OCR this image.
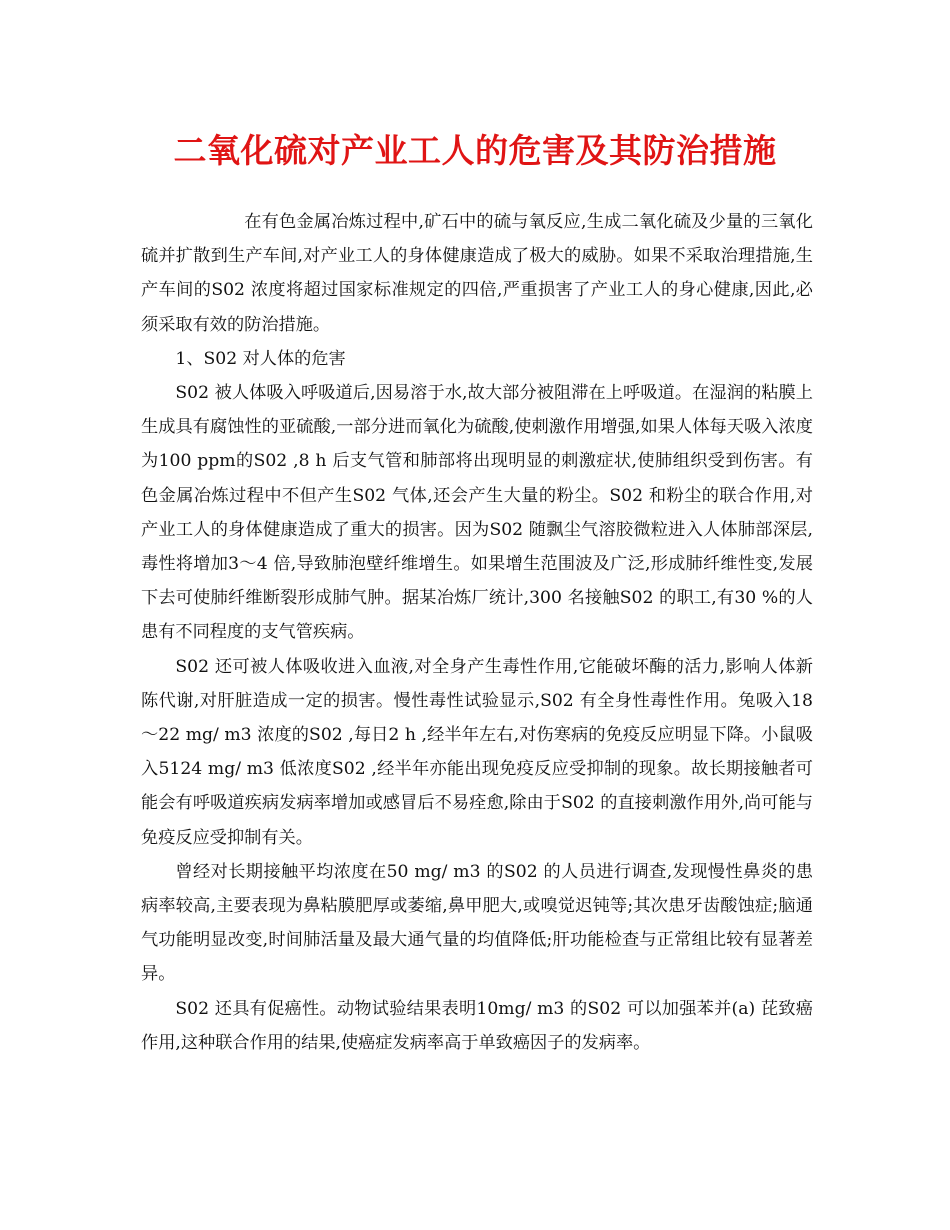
二氧化硫对产业工人的危害及其防治措施

在有色金属冶炼过程中,矿石中的硫与氧反应,生成二氧化硫及少量的三氧化硫并扩散到生产车间,对产业工人的身体健康造成了极大的威胁。如果不采取治理措施,生产车间的S02 浓度将超过国家标准规定的四倍,严重损害了产业工人的身心健康,因此,必须采取有效的防治措施。

1、S02 对人体的危害

S02 被人体吸入呼吸道后,因易溶于水,故大部分被阻滞在上呼吸道。在湿润的粘膜上生成具有腐蚀性的亚硫酸,一部分进而氧化为硫酸,使刺激作用增强,如果人体每天吸入浓度为100 ppm的S02 ,8 h 后支气管和肺部将出现明显的刺激症状,使肺组织受到伤害。有色金属冶炼过程中不但产生S02 气体,还会产生大量的粉尘。S02 和粉尘的联合作用,对产业工人的身体健康造成了重大的损害。因为S02 随飘尘气溶胶微粒进入人体肺部深层,毒性将增加3～4 倍,导致肺泡壁纤维增生。如果增生范围波及广泛,形成肺纤维性变,发展下去可使肺纤维断裂形成肺气肿。据某冶炼厂统计,300 名接触S02 的职工,有30 %的人患有不同程度的支气管疾病。

S02 还可被人体吸收进入血液,对全身产生毒性作用,它能破坏酶的活力,影响人体新陈代谢,对肝脏造成一定的损害。慢性毒性试验显示,S02 有全身性毒性作用。兔吸入18～22 mg/ m3 浓度的S02 ,每日2 h ,经半年左右,对伤寒病的免疫反应明显下降。小鼠吸入5124 mg/ m3 低浓度S02 ,经半年亦能出现免疫反应受抑制的现象。故长期接触者可能会有呼吸道疾病发病率增加或感冒后不易痊愈,除由于S02 的直接刺激作用外,尚可能与免疫反应受抑制有关。

曾经对长期接触平均浓度在50 mg/ m3 的S02 的人员进行调查,发现慢性鼻炎的患病率较高,主要表现为鼻粘膜肥厚或萎缩,鼻甲肥大,或嗅觉迟钝等;其次患牙齿酸蚀症;脑通气功能明显改变,时间肺活量及最大通气量的均值降低;肝功能检查与正常组比较有显著差异。

S02 还具有促癌性。动物试验结果表明10mg/ m3 的S02 可以加强苯并(a) 芘致癌作用,这种联合作用的结果,使癌症发病率高于单致癌因子的发病率。
